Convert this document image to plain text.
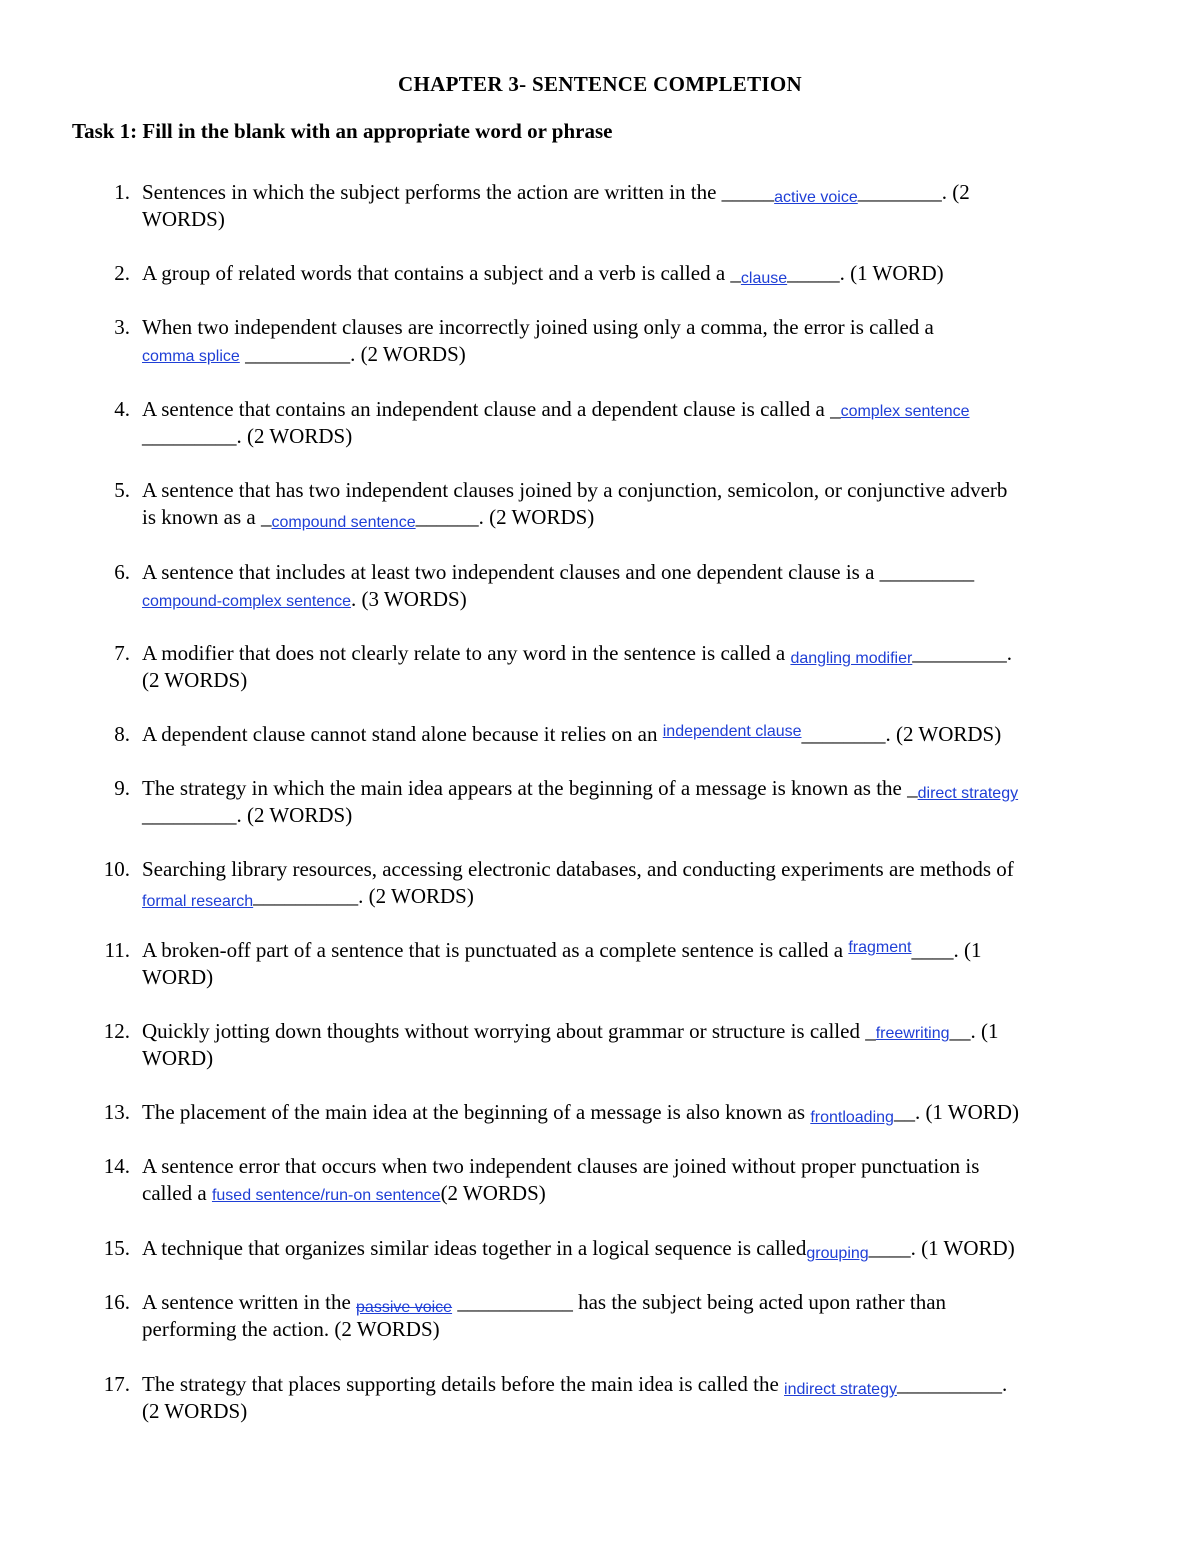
CHAPTER 3- SENTENCE COMPLETION
Task 1: Fill in the blank with an appropriate word or phrase
1. Sentences in which the subject performs the action are written in the _____active voice________. (2
WORDS)
2. A group of related words that contains a subject and a verb is called a _clause_____. (1 WORD)
3. When two independent clauses are incorrectly joined using only a comma, the error is called a
comma splice __________. (2 WORDS)
4. A sentence that contains an independent clause and a dependent clause is called a _complex sentence
_________. (2 WORDS)
5. A sentence that has two independent clauses joined by a conjunction, semicolon, or conjunctive adverb
is known as a _compound sentence______. (2 WORDS)
6. A sentence that includes at least two independent clauses and one dependent clause is a _________
compound-complex sentence. (3 WORDS)
7. A modifier that does not clearly relate to any word in the sentence is called a dangling modifier_________.
(2 WORDS)
8. A dependent clause cannot stand alone because it relies on an $^{independent clause}$________. (2 WORDS)
9. The strategy in which the main idea appears at the beginning of a message is known as the _direct strategy
_________. (2 WORDS)
10. Searching library resources, accessing electronic databases, and conducting experiments are methods of
formal research__________. (2 WORDS)
11. A broken-off part of a sentence that is punctuated as a complete sentence is called a $^{fragment}$____. (1
WORD)
12. Quickly jotting down thoughts without worrying about grammar or structure is called _freewriting__. (1
WORD)
13. The placement of the main idea at the beginning of a message is also known as frontloading__. (1 WORD)
14. A sentence error that occurs when two independent clauses are joined without proper punctuation is
called a fused sentence/run-on sentence(2 WORDS)
15. A technique that organizes similar ideas together in a logical sequence is calledgrouping____. (1 WORD)
16. A sentence written in the passive voice ___________ has the subject being acted upon rather than
performing the action. (2 WORDS)
17. The strategy that places supporting details before the main idea is called the indirect strategy__________.
(2 WORDS)
